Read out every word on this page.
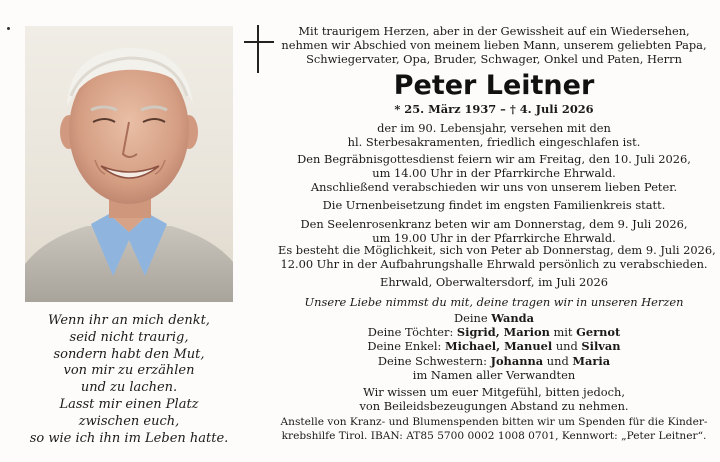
Wenn ihr an mich denkt,
seid nicht traurig,
sondern habt den Mut,
von mir zu erzählen
und zu lachen.
Lasst mir einen Platz
zwischen euch,
so wie ich ihn im Leben hatte.
Mit traurigem Herzen, aber in der Gewissheit auf ein Wiedersehen,
nehmen wir Abschied von meinem lieben Mann, unserem geliebten Papa,
Schwiegervater, Opa, Bruder, Schwager, Onkel und Paten, Herrn
Peter Leitner
* 25. März 1937 – † 4. Juli 2026
der im 90. Lebensjahr, versehen mit den
hl. Sterbesakramenten, friedlich eingeschlafen ist.
Den Begräbnisgottesdienst feiern wir am Freitag, den 10. Juli 2026,
um 14.00 Uhr in der Pfarrkirche Ehrwald.
Anschließend verabschieden wir uns von unserem lieben Peter.
Die Urnenbeisetzung findet im engsten Familienkreis statt.
Den Seelenrosenkranz beten wir am Donnerstag, dem 9. Juli 2026,
um 19.00 Uhr in der Pfarrkirche Ehrwald.
Es besteht die Möglichkeit, sich von Peter ab Donnerstag, dem 9. Juli 2026,
12.00 Uhr in der Aufbahrungshalle Ehrwald persönlich zu verabschieden.
Ehrwald, Oberwaltersdorf, im Juli 2026
Unsere Liebe nimmst du mit, deine tragen wir in unseren Herzen
Deine Wanda
Deine Töchter: Sigrid, Marion mit Gernot
Deine Enkel: Michael, Manuel und Silvan
Deine Schwestern: Johanna und Maria
im Namen aller Verwandten
Wir wissen um euer Mitgefühl, bitten jedoch,
von Beileidsbezeugungen Abstand zu nehmen.
Anstelle von Kranz- und Blumenspenden bitten wir um Spenden für die Kinder-
krebshilfe Tirol. IBAN: AT85 5700 0002 1008 0701, Kennwort: „Peter Leitner“.
